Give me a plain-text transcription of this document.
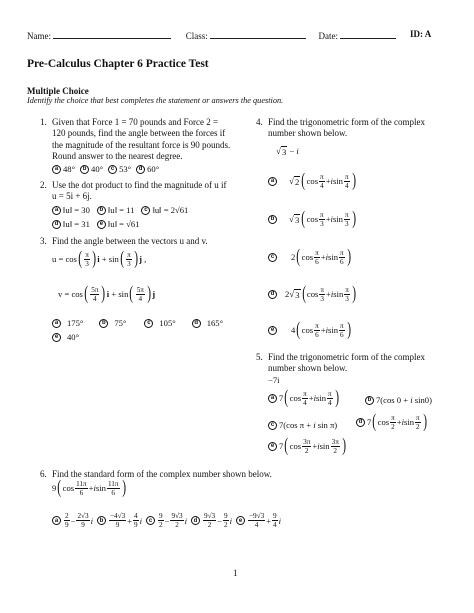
Name:	Class:	Date:	ID: A
Pre-Calculus Chapter 6 Practice Test
Multiple Choice
Identify the choice that best completes the statement or answers the question.
1. Given that Force 1 = 70 pounds and Force 2 = 120 pounds, find the angle between the forces if the magnitude of the resultant force is 90 pounds. Round answer to the nearest degree.
a 48°	b 40°	c 53°	d 60°
2. Use the dot product to find the magnitude of u if u = 5i + 6j.
a ‖u‖ = 30	b ‖u‖ = 11	c ‖u‖ = 2√61
d ‖u‖ = 31	e ‖u‖ = √61
3. Find the angle between the vectors u and v.
u = cos ( $\frac{\pi}{3}$ ) i + sin ( $\frac{\pi}{3}$ ) j ,
v = cos ( $\frac{5\pi}{4}$ ) i + sin ( $\frac{5\pi}{4}$ ) j
a	175°	b	75°	c	105°	d	165°
e	40°
4. Find the trigonometric form of the complex number shown below.
√ 3 − i
a	√ 2 ( $\cos \frac{\pi}{4} + i$ $\sin \frac{\pi}{4}$ )
b √ 3 ( $\cos \frac{\pi}{3} + i$ $\sin \frac{\pi}{3}$ )
c	2 ( $\cos \frac{\pi}{6} + i$ $\sin \frac{\pi}{6}$ )
d	2 √ 3 ( $\cos \frac{\pi}{3} + i$ $\sin \frac{\pi}{3}$ )
e	4 ( $\cos \frac{\pi}{6} + i$ $\sin \frac{\pi}{6}$ )
5. Find the trigonometric form of the complex number shown below.
−7i
a 7 ( $\cos \frac{\pi}{4} + i$ $\sin \frac{\pi}{4}$ )	b 7(cos 0 + i sin0)
c 7(cos π + i sin π)	d 7 ( $\cos \frac{\pi}{2} + i$ $\sin \frac{\pi}{2}$ )
e 7 ( $\cos \frac{3\pi}{2} + i$ $\sin \frac{3\pi}{2}$ )
6. Find the standard form of the complex number shown below.
9 ( $\cos \frac{11\pi}{6} + i$ $\sin \frac{11\pi}{6}$ )
a $\frac{2}{9} - \frac{2√3}{9}$ i	b $\frac{-4√3}{9} + \frac{4}{9}$ i	c $\frac{9}{2} - \frac{9√3}{2}$ i	d $\frac{9√3}{2} - \frac{9}{2}$ i	e $\frac{-9√3}{4} + \frac{9}{4}$ i
1
